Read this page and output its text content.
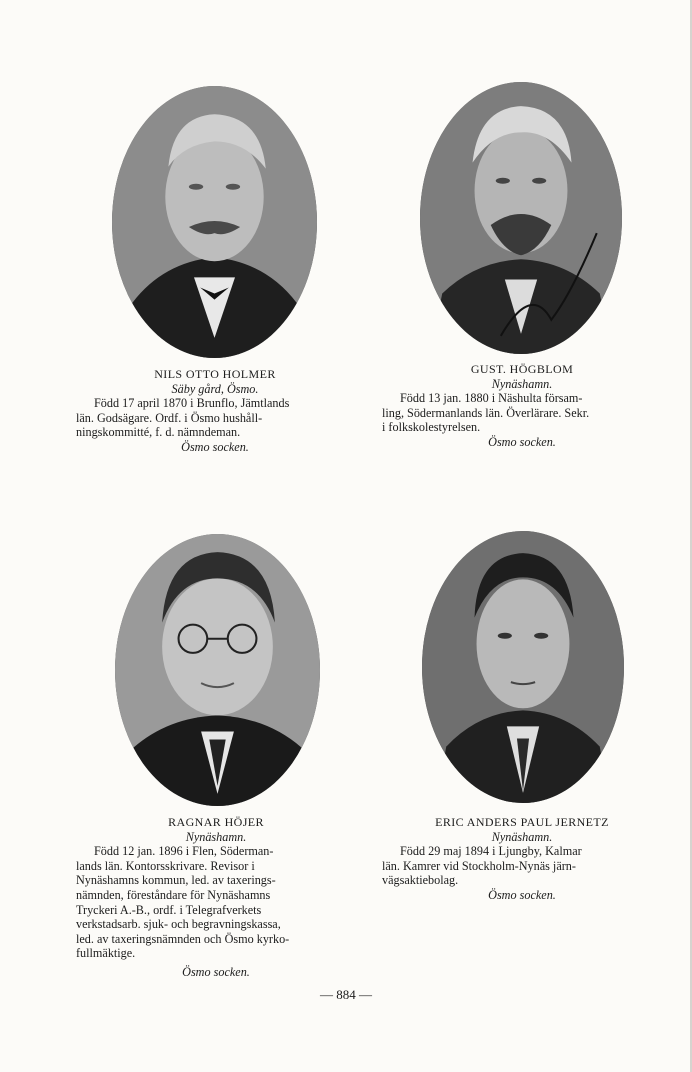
NILS OTTO HOLMER
Säby gård, Ösmo.
Född 17 april 1870 i Brunflo, Jämtlands
län. Godsägare. Ordf. i Ösmo hushåll-
ningskommitté, f. d. nämndeman.
Ösmo socken.
GUST. HÖGBLOM
Nynäshamn.
Född 13 jan. 1880 i Näshulta försam-
ling, Södermanlands län. Överlärare. Sekr.
i folkskolestyrelsen.
Ösmo socken.
RAGNAR HÖJER
Nynäshamn.
Född 12 jan. 1896 i Flen, Söderman-
lands län. Kontorsskrivare. Revisor i
Nynäshamns kommun, led. av taxerings-
nämnden, föreståndare för Nynäshamns
Tryckeri A.-B., ordf. i Telegrafverkets
verkstadsarb. sjuk- och begravningskassa,
led. av taxeringsnämnden och Ösmo kyrko-
fullmäktige.
Ösmo socken.
ERIC ANDERS PAUL JERNETZ
Nynäshamn.
Född 29 maj 1894 i Ljungby, Kalmar
län. Kamrer vid Stockholm-Nynäs järn-
vägsaktiebolag.
Ösmo socken.
— 884 —
